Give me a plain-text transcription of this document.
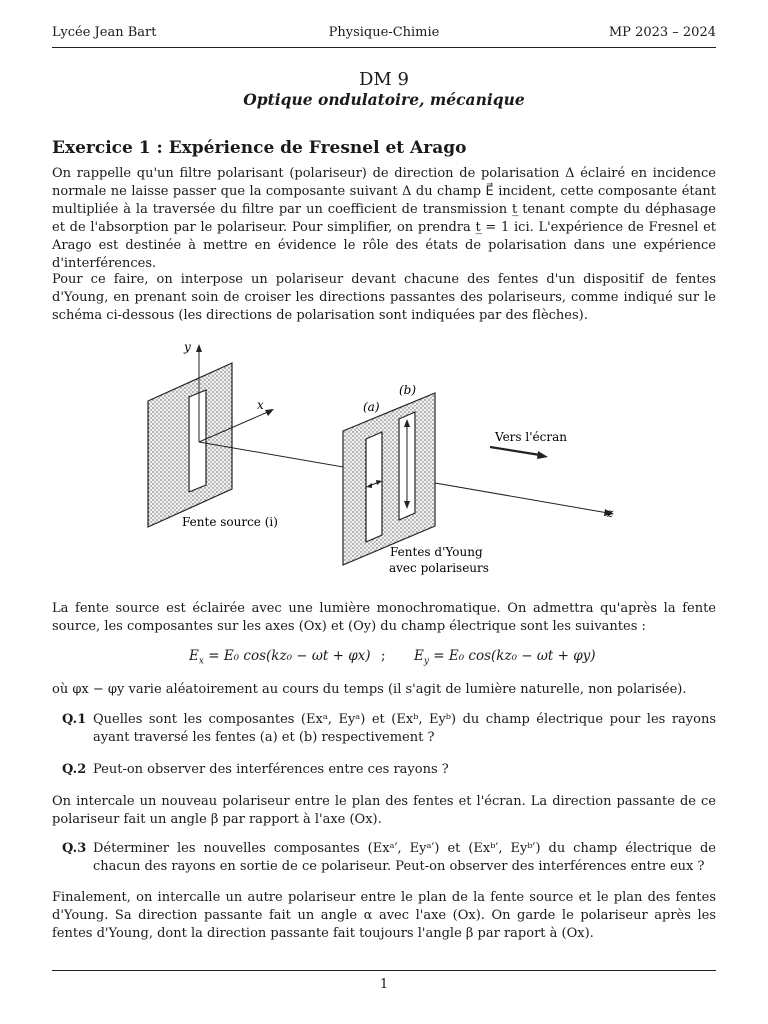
Lycée Jean Bart	Physique-Chimie	MP 2023 – 2024
DM 9
Optique ondulatoire, mécanique
Exercice 1 : Expérience de Fresnel et Arago
On rappelle qu'un filtre polarisant (polariseur) de direction de polarisation Δ éclairé en incidence normale ne laisse passer que la composante suivant Δ du champ E⃗ incident, cette composante étant multipliée à la traversée du filtre par un coefficient de transmission t̲ tenant compte du déphasage et de l'absorption par le polariseur. Pour simplifier, on prendra t̲ = 1 ici. L'expérience de Fresnel et Arago est destinée à mettre en évidence le rôle des états de polarisation dans une expérience d'interférences.
Pour ce faire, on interpose un polariseur devant chacune des fentes d'un dispositif de fentes d'Young, en prenant soin de croiser les directions passantes des polariseurs, comme indiqué sur le schéma ci-dessous (les directions de polarisation sont indiquées par des flèches).
y
x
z
(a)
(b)
Vers l'écran
Fente source (i)
Fentes d'Young
avec polariseurs
La fente source est éclairée avec une lumière monochromatique. On admettra qu'après la fente source, les composantes sur les axes (Ox) et (Oy) du champ électrique sont les suivantes :
$E_x = E_0$ cos(kz₀ − ωt + φx) ; $E_y = E_0$ cos(kz₀ − ωt + φy)
où φx − φy varie aléatoirement au cours du temps (il s'agit de lumière naturelle, non polarisée).
Q.1 Quelles sont les composantes (Exᵃ, Eyᵃ) et (Exᵇ, Eyᵇ) du champ électrique pour les rayons ayant traversé les fentes (a) et (b) respectivement ?
Q.2 Peut-on observer des interférences entre ces rayons ?
On intercale un nouveau polariseur entre le plan des fentes et l'écran. La direction passante de ce polariseur fait un angle β par rapport à l'axe (Ox).
Q.3 Déterminer les nouvelles composantes (Exᵃ′, Eyᵃ′) et (Exᵇ′, Eyᵇ′) du champ électrique de chacun des rayons en sortie de ce polariseur. Peut-on observer des interférences entre eux ?
Finalement, on intercalle un autre polariseur entre le plan de la fente source et le plan des fentes d'Young. Sa direction passante fait un angle α avec l'axe (Ox). On garde le polariseur après les fentes d'Young, dont la direction passante fait toujours l'angle β par raport à (Ox).
1
